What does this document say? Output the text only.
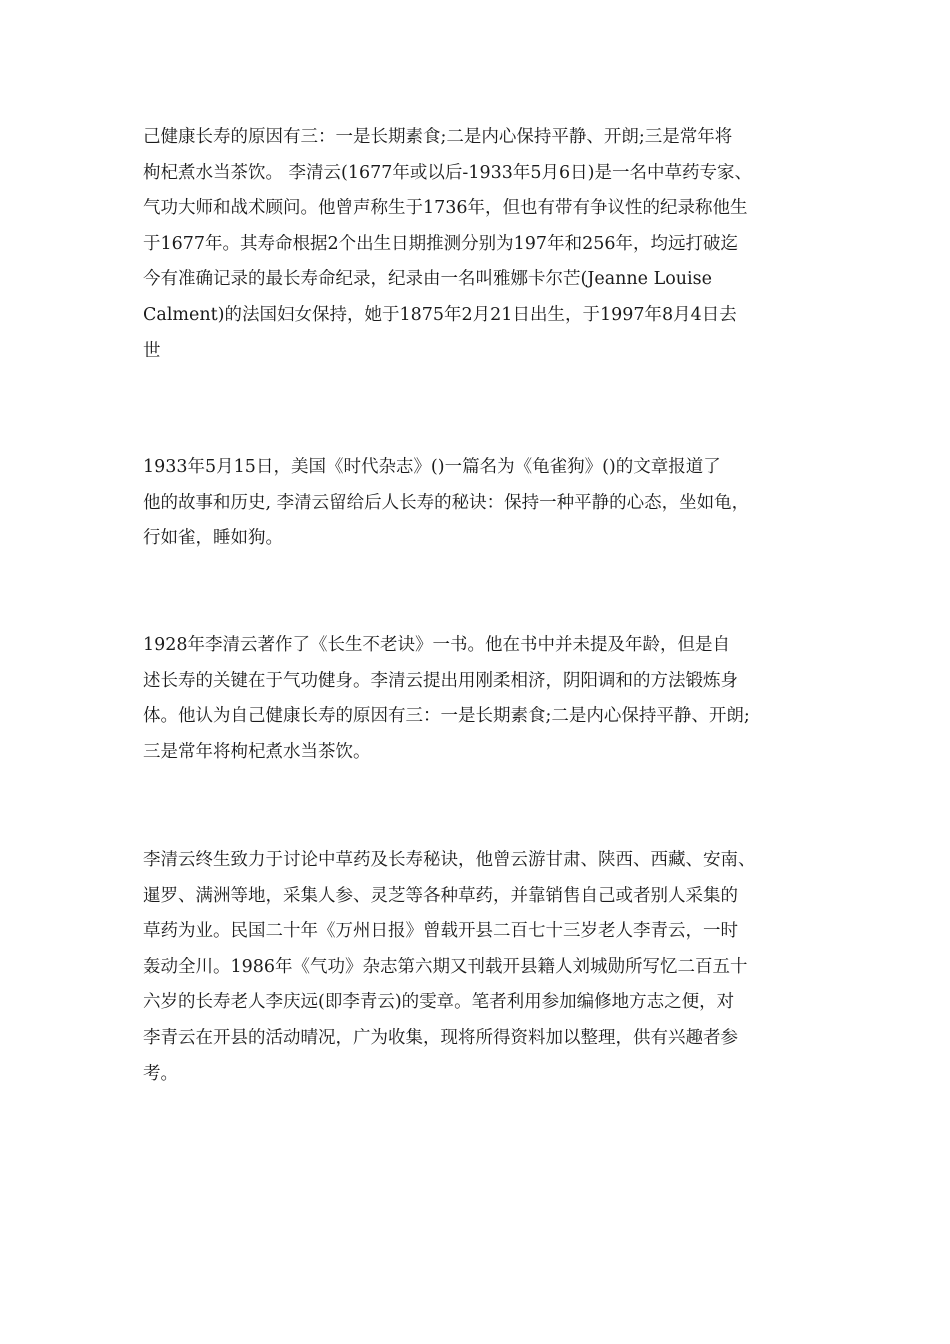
己健康长寿的原因有三：一是长期素食;二是内心保持平静、开朗;三是常年将
枸杞煮水当茶饮。 李清云(1677年或以后-1933年5月6日)是一名中草药专家、
气功大师和战术顾问。他曾声称生于1736年，但也有带有争议性的纪录称他生
于1677年。其寿命根据2个出生日期推测分别为197年和256年，均远打破迄
今有准确记录的最长寿命纪录，纪录由一名叫雅娜卡尔芒(Jeanne Louise
Calment)的法国妇女保持，她于1875年2月21日出生，于1997年8月4日去
世

1933年5月15日，美国《时代杂志》()一篇名为《龟雀狗》()的文章报道了
他的故事和历史, 李清云留给后人长寿的秘诀：保持一种平静的心态，坐如龟，
行如雀，睡如狗。

1928年李清云著作了《长生不老诀》一书。他在书中并未提及年龄，但是自
述长寿的关键在于气功健身。李清云提出用刚柔相济，阴阳调和的方法锻炼身
体。他认为自己健康长寿的原因有三：一是长期素食;二是内心保持平静、开朗;
三是常年将枸杞煮水当茶饮。

李清云终生致力于讨论中草药及长寿秘诀，他曾云游甘肃、陕西、西藏、安南、
暹罗、满洲等地，采集人参、灵芝等各种草药，并靠销售自己或者别人采集的
草药为业。民国二十年《万州日报》曾载开县二百七十三岁老人李青云，一时
轰动全川。1986年《气功》杂志第六期又刊载开县籍人刘城勋所写忆二百五十
六岁的长寿老人李庆远(即李青云)的雯章。笔者利用参加编修地方志之便，对
李青云在开县的活动晴况，广为收集，现将所得资料加以整理，供有兴趣者参
考。
